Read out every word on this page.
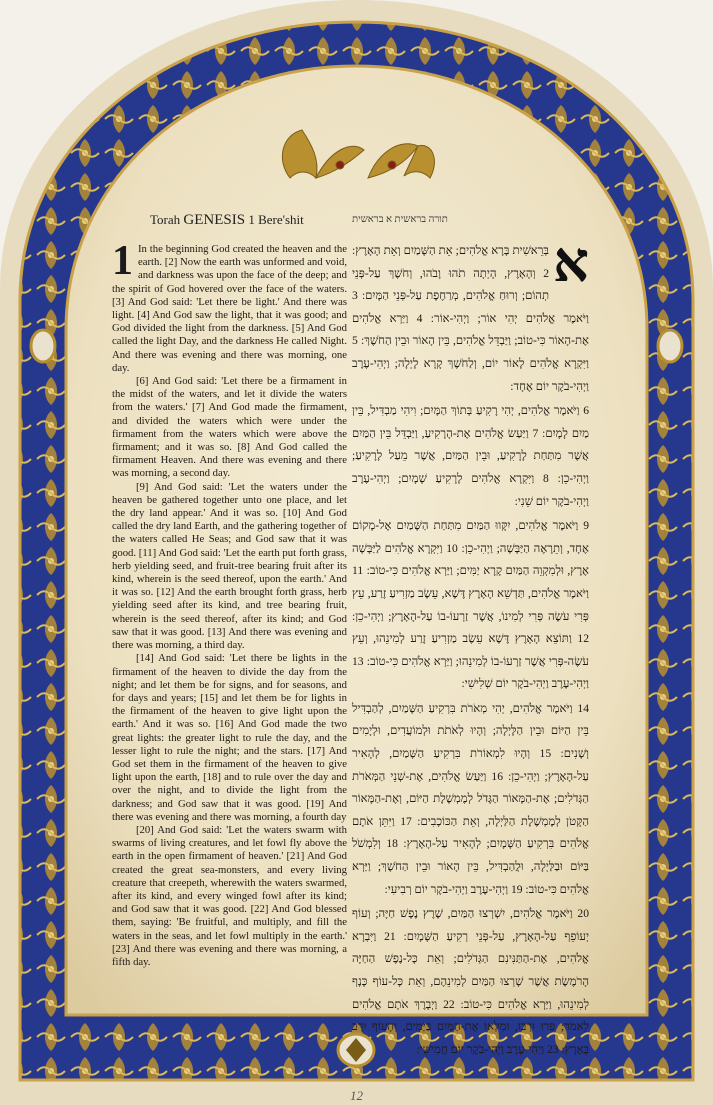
Torah GENESIS 1 Bere'shit	תורה בראשית א בראשית

1 In the beginning God created the heaven and the earth. [2] Now the earth was unformed and void, and darkness was upon the face of the deep; and the spirit of God hovered over the face of the waters. [3] And God said: 'Let there be light.' And there was light. [4] And God saw the light, that it was good; and God divided the light from the darkness. [5] And God called the light Day, and the darkness He called Night. And there was evening and there was morning, one day.

[6] And God said: 'Let there be a firmament in the midst of the waters, and let it divide the waters from the waters.' [7] And God made the firmament, and divided the waters which were under the firmament from the waters which were above the firmament; and it was so. [8] And God called the firmament Heaven. And there was evening and there was morning, a second day.

[9] And God said: 'Let the waters under the heaven be gathered together unto one place, and let the dry land appear.' And it was so. [10] And God called the dry land Earth, and the gathering together of the waters called He Seas; and God saw that it was good. [11] And God said: 'Let the earth put forth grass, herb yielding seed, and fruit-tree bearing fruit after its kind, wherein is the seed thereof, upon the earth.' And it was so. [12] And the earth brought forth grass, herb yielding seed after its kind, and tree bearing fruit, wherein is the seed thereof, after its kind; and God saw that it was good. [13] And there was evening and there was morning, a third day.

[14] And God said: 'Let there be lights in the firmament of the heaven to divide the day from the night; and let them be for signs, and for seasons, and for days and years; [15] and let them be for lights in the firmament of the heaven to give light upon the earth.' And it was so. [16] And God made the two great lights: the greater light to rule the day, and the lesser light to rule the night; and the stars. [17] And God set them in the firmament of the heaven to give light upon the earth, [18] and to rule over the day and over the night, and to divide the light from the darkness; and God saw that it was good. [19] And there was evening and there was morning, a fourth day

[20] And God said: 'Let the waters swarm with swarms of living creatures, and let fowl fly above the earth in the open firmament of heaven.' [21] And God created the great sea-monsters, and every living creature that creepeth, wherewith the waters swarmed, after its kind, and every winged fowl after its kind; and God saw that it was good. [22] And God blessed them, saying: 'Be fruitful, and multiply, and fill the waters in the seas, and let fowl multiply in the earth.' [23] And there was evening and there was morning, a fifth day.

א
בְּרֵאשִׁית בָּרָא אֱלֹהִים; אֵת הַשָּׁמַיִם וְאֵת הָאָרֶץ: 2 וְהָאָרֶץ, הָיְתָה תֹהוּ וָבֹהוּ, וְחֹשֶׁךְ עַל-פְּנֵי תְהוֹם; וְרוּחַ אֱלֹהִים, מְרַחֶפֶת עַל-פְּנֵי הַמָּיִם: 3 וַיֹּאמֶר אֱלֹהִים יְהִי אוֹר; וַיְהִי-אוֹר: 4 וַיַּרְא אֱלֹהִים אֶת-הָאוֹר כִּי-טוֹב; וַיַּבְדֵּל אֱלֹהִים, בֵּין הָאוֹר וּבֵין הַחֹשֶׁךְ: 5 וַיִּקְרָא אֱלֹהִים לָאוֹר יוֹם, וְלַחֹשֶׁךְ קָרָא לָיְלָה; וַיְהִי-עֶרֶב וַיְהִי-בֹקֶר יוֹם אֶחָד:

6 וַיֹּאמֶר אֱלֹהִים, יְהִי רָקִיעַ בְּתוֹךְ הַמָּיִם; וִיהִי מַבְדִּיל, בֵּין מַיִם לָמָיִם: 7 וַיַּעַשׂ אֱלֹהִים אֶת-הָרָקִיעַ, וַיַּבְדֵּל בֵּין הַמַּיִם אֲשֶׁר מִתַּחַת לָרָקִיעַ, וּבֵין הַמַּיִם, אֲשֶׁר מֵעַל לָרָקִיעַ; וַיְהִי-כֵן: 8 וַיִּקְרָא אֱלֹהִים לָרָקִיעַ שָׁמָיִם; וַיְהִי-עֶרֶב וַיְהִי-בֹקֶר יוֹם שֵׁנִי:

9 וַיֹּאמֶר אֱלֹהִים, יִקָּווּ הַמַּיִם מִתַּחַת הַשָּׁמַיִם אֶל-מָקוֹם אֶחָד, וְתֵרָאֶה הַיַּבָּשָׁה; וַיְהִי-כֵן: 10 וַיִּקְרָא אֱלֹהִים לַיַּבָּשָׁה אֶרֶץ, וּלְמִקְוֵה הַמַּיִם קָרָא יַמִּים; וַיַּרְא אֱלֹהִים כִּי-טוֹב: 11 וַיֹּאמֶר אֱלֹהִים, תַּדְשֵׁא הָאָרֶץ דֶּשֶׁא, עֵשֶׂב מַזְרִיעַ זֶרַע, עֵץ פְּרִי עֹשֶׂה פְּרִי לְמִינוֹ, אֲשֶׁר זַרְעוֹ-בוֹ עַל-הָאָרֶץ; וַיְהִי-כֵן: 12 וַתּוֹצֵא הָאָרֶץ דֶּשֶׁא עֵשֶׂב מַזְרִיעַ זֶרַע לְמִינֵהוּ, וְעֵץ עֹשֶׂה-פְּרִי אֲשֶׁר זַרְעוֹ-בוֹ לְמִינֵהוּ; וַיַּרְא אֱלֹהִים כִּי-טוֹב: 13 וַיְהִי-עֶרֶב וַיְהִי-בֹקֶר יוֹם שְׁלִישִׁי:

14 וַיֹּאמֶר אֱלֹהִים, יְהִי מְאֹרֹת בִּרְקִיעַ הַשָּׁמַיִם, לְהַבְדִּיל בֵּין הַיּוֹם וּבֵין הַלָּיְלָה; וְהָיוּ לְאֹתֹת וּלְמוֹעֲדִים, וּלְיָמִים וְשָׁנִים: 15 וְהָיוּ לִמְאוֹרֹת בִּרְקִיעַ הַשָּׁמַיִם, לְהָאִיר עַל-הָאָרֶץ; וַיְהִי-כֵן: 16 וַיַּעַשׂ אֱלֹהִים, אֶת-שְׁנֵי הַמְּאֹרֹת הַגְּדֹלִים; אֶת-הַמָּאוֹר הַגָּדֹל לְמֶמְשֶׁלֶת הַיּוֹם, וְאֶת-הַמָּאוֹר הַקָּטֹן לְמֶמְשֶׁלֶת הַלַּיְלָה, וְאֵת הַכּוֹכָבִים: 17 וַיִּתֵּן אֹתָם אֱלֹהִים בִּרְקִיעַ הַשָּׁמָיִם; לְהָאִיר עַל-הָאָרֶץ: 18 וְלִמְשֹׁל בַּיּוֹם וּבַלַּיְלָה, וּלֲהַבְדִּיל, בֵּין הָאוֹר וּבֵין הַחֹשֶׁךְ; וַיַּרְא אֱלֹהִים כִּי-טוֹב: 19 וַיְהִי-עֶרֶב וַיְהִי-בֹקֶר יוֹם רְבִיעִי:

20 וַיֹּאמֶר אֱלֹהִים, יִשְׁרְצוּ הַמַּיִם, שֶׁרֶץ נֶפֶשׁ חַיָּה; וְעוֹף יְעוֹפֵף עַל-הָאָרֶץ, עַל-פְּנֵי רְקִיעַ הַשָּׁמָיִם: 21 וַיִּבְרָא אֱלֹהִים, אֶת-הַתַּנִּינִם הַגְּדֹלִים; וְאֵת כָּל-נֶפֶשׁ הַחַיָּה הָרֹמֶשֶׂת אֲשֶׁר שָׁרְצוּ הַמַּיִם לְמִינֵהֶם, וְאֵת כָּל-עוֹף כָּנָף לְמִינֵהוּ, וַיַּרְא אֱלֹהִים כִּי-טוֹב: 22 וַיְבָרֶךְ אֹתָם אֱלֹהִים לֵאמֹר; פְּרוּ וּרְבוּ, וּמִלְאוּ אֶת-הַמַּיִם בַּיַּמִּים, וְהָעוֹף יִרֶב בָּאָרֶץ: 23 וַיְהִי-עֶרֶב וַיְהִי-בֹקֶר יוֹם חֲמִישִׁי:

12
